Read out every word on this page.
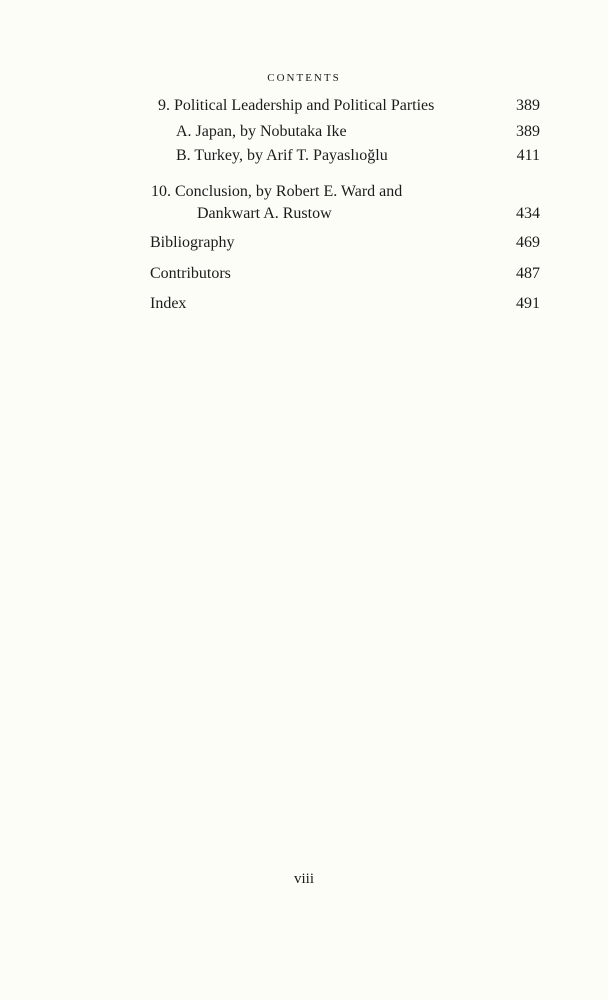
CONTENTS
9. Political Leadership and Political Parties	389
A. Japan, by Nobutaka Ike	389
B. Turkey, by Arif T. Payaslıoğlu	411
10. Conclusion, by Robert E. Ward and
Dankwart A. Rustow	434
Bibliography	469
Contributors	487
Index	491
viii
